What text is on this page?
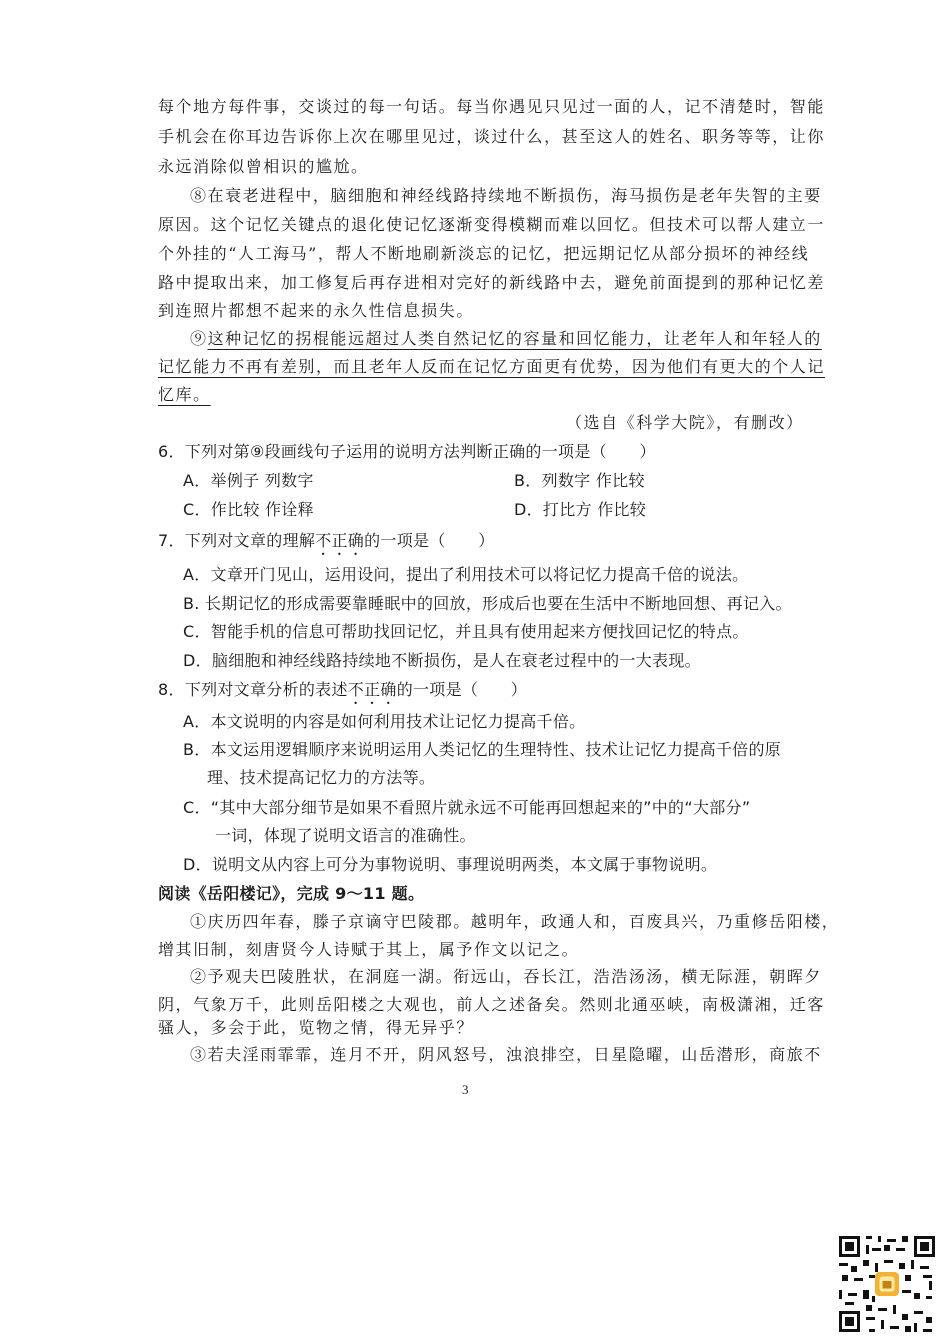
每个地方每件事，交谈过的每一句话。每当你遇见只见过一面的人，记不清楚时，智能
手机会在你耳边告诉你上次在哪里见过，谈过什么，甚至这人的姓名、职务等等，让你
永远消除似曾相识的尴尬。
⑧在衰老进程中，脑细胞和神经线路持续地不断损伤，海马损伤是老年失智的主要
原因。这个记忆关键点的退化使记忆逐渐变得模糊而难以回忆。但技术可以帮人建立一
个外挂的“人工海马”，帮人不断地刷新淡忘的记忆，把远期记忆从部分损坏的神经线
路中提取出来，加工修复后再存进相对完好的新线路中去，避免前面提到的那种记忆差
到连照片都想不起来的永久性信息损失。
⑨这种记忆的拐棍能远超过人类自然记忆的容量和回忆能力，让老年人和年轻人的
记忆能力不再有差别，而且老年人反而在记忆方面更有优势，因为他们有更大的个人记
忆库。
（选自《科学大院》，有删改）
6．下列对第⑨段画线句子运用的说明方法判断正确的一项是（　　）
A．举例子 列数字	B．列数字 作比较
C．作比较 作诠释	D．打比方 作比较
7．下列对文章的理解不正确的一项是（　　）
A．文章开门见山，运用设问，提出了利用技术可以将记忆力提高千倍的说法。
B. 长期记忆的形成需要靠睡眠中的回放，形成后也要在生活中不断地回想、再记入。
C．智能手机的信息可帮助找回记忆，并且具有使用起来方便找回记忆的特点。
D．脑细胞和神经线路持续地不断损伤，是人在衰老过程中的一大表现。
8．下列对文章分析的表述不正确的一项是（　　）
A．本文说明的内容是如何利用技术让记忆力提高千倍。
B．本文运用逻辑顺序来说明运用人类记忆的生理特性、技术让记忆力提高千倍的原
理、技术提高记忆力的方法等。
C．“其中大部分细节是如果不看照片就永远不可能再回想起来的”中的“大部分”
一词，体现了说明文语言的准确性。
D．说明文从内容上可分为事物说明、事理说明两类，本文属于事物说明。
阅读《岳阳楼记》，完成 9～11 题。
①庆历四年春，滕子京谪守巴陵郡。越明年，政通人和，百废具兴，乃重修岳阳楼，
增其旧制，刻唐贤今人诗赋于其上，属予作文以记之。
②予观夫巴陵胜状，在洞庭一湖。衔远山，吞长江，浩浩汤汤，横无际涯，朝晖夕
阴，气象万千，此则岳阳楼之大观也，前人之述备矣。然则北通巫峡，南极潇湘，迁客
骚人，多会于此，览物之情，得无异乎？
③若夫淫雨霏霏，连月不开，阴风怒号，浊浪排空，日星隐曜，山岳潜形，商旅不
3
